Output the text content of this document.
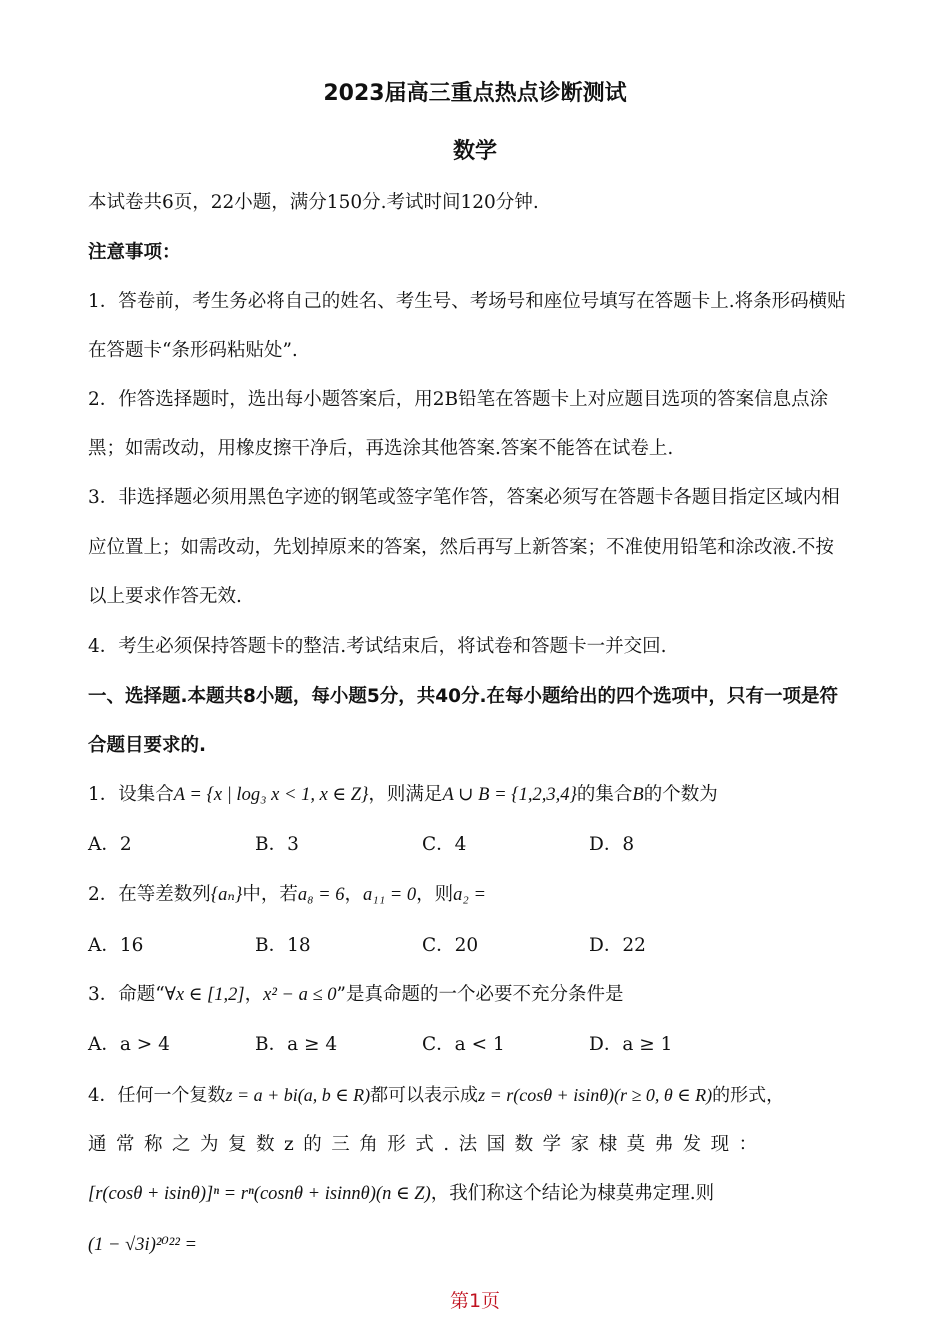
2023届高三重点热点诊断测试
数学
本试卷共6页，22小题，满分150分.考试时间120分钟.
注意事项：
1．答卷前，考生务必将自己的姓名、考生号、考场号和座位号填写在答题卡上.将条形码横贴
在答题卡“条形码粘贴处”.
2．作答选择题时，选出每小题答案后，用2B铅笔在答题卡上对应题目选项的答案信息点涂
黑；如需改动，用橡皮擦干净后，再选涂其他答案.答案不能答在试卷上.
3．非选择题必须用黑色字迹的钢笔或签字笔作答，答案必须写在答题卡各题目指定区域内相
应位置上；如需改动，先划掉原来的答案，然后再写上新答案；不准使用铅笔和涂改液.不按
以上要求作答无效.
4．考生必须保持答题卡的整洁.考试结束后，将试卷和答题卡一并交回.
一、选择题.本题共8小题，每小题5分，共40分.在每小题给出的四个选项中，只有一项是符
合题目要求的.
1．设集合A = {x | log₃ x < 1, x ∈ Z}，则满足A ∪ B = {1,2,3,4}的集合B的个数为
A．2	B．3	C．4	D．8
2．在等差数列{aₙ}中，若a₈ = 6，a₁₁ = 0，则a₂ =
A．16	B．18	C．20	D．22
3．命题“∀x ∈ [1,2]，x² − a ≤ 0”是真命题的一个必要不充分条件是
A．a > 4	B．a ≥ 4	C．a < 1	D．a ≥ 1
4．任何一个复数z = a + bi(a, b ∈ R)都可以表示成z = r(cosθ + isinθ)(r ≥ 0, θ ∈ R)的形式，
通常称之为复数z的三角形式.法国数学家棣莫弗发现：
[r(cosθ + isinθ)]ⁿ = rⁿ(cosnθ + isinnθ)(n ∈ Z)，我们称这个结论为棣莫弗定理.则
(1 − √3i)²⁰²² =
第1页
